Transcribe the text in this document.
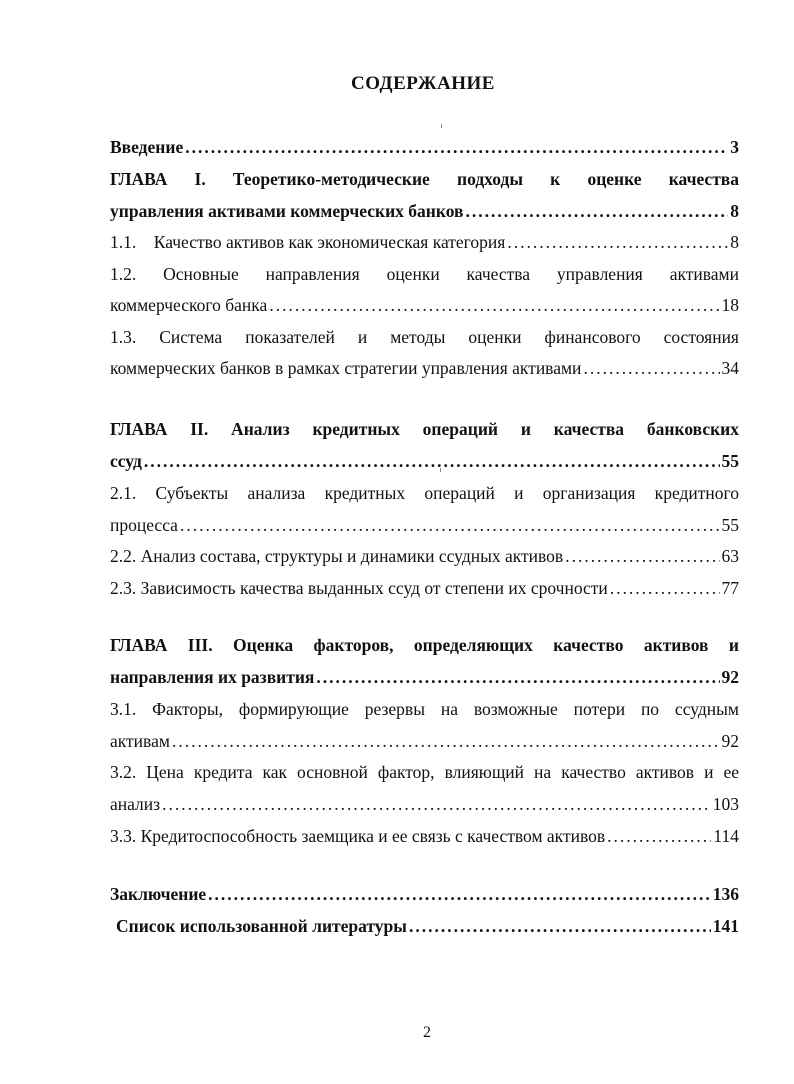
СОДЕРЖАНИЕ
Введение .....	3
ГЛАВА I. Теоретико-методические подходы к оценке качества
управления активами коммерческих банков .....	8
1.1.    Качество активов как экономическая категория .....	8
1.2. Основные направления оценки качества управления активами
коммерческого банка .....	18
1.3. Система показателей и методы оценки финансового состояния
коммерческих банков в рамках стратегии управления активами .....	34
ГЛАВА II. Анализ кредитных операций и качества банковских
ссуд .....	55
2.1. Субъекты анализа кредитных операций и организация кредитного
процесса .....	55
2.2. Анализ состава, структуры и динамики ссудных активов .....	63
2.3. Зависимость качества выданных ссуд от степени их срочности .....	77
ГЛАВА III. Оценка факторов, определяющих качество активов и
направления их развития .....	92
3.1. Факторы, формирующие резервы на возможные потери по ссудным
активам .....	92
3.2. Цена кредита как основной фактор, влияющий на качество активов и ее
анализ .....	103
3.3. Кредитоспособность заемщика и ее связь с качеством активов .....	114
Заключение .....	136
Список использованной литературы .....	141
2
